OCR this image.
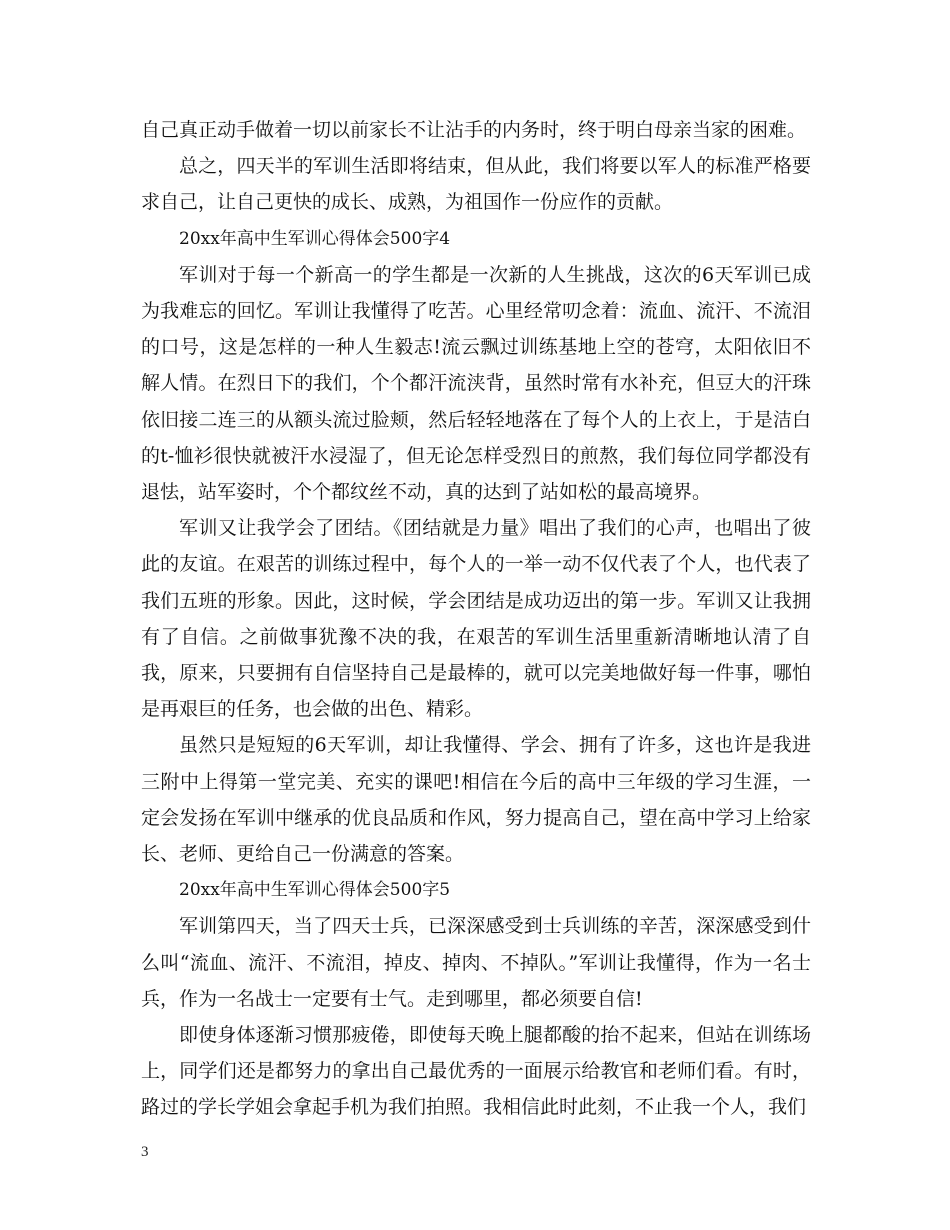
自己真正动手做着一切以前家长不让沾手的内务时，终于明白母亲当家的困难。

总之，四天半的军训生活即将结束，但从此，我们将要以军人的标准严格要求自己，让自己更快的成长、成熟，为祖国作一份应作的贡献。

20xx年高中生军训心得体会500字4

军训对于每一个新高一的学生都是一次新的人生挑战，这次的6天军训已成为我难忘的回忆。军训让我懂得了吃苦。心里经常叨念着：流血、流汗、不流泪的口号，这是怎样的一种人生毅志!流云飘过训练基地上空的苍穹，太阳依旧不解人情。在烈日下的我们，个个都汗流浃背，虽然时常有水补充，但豆大的汗珠依旧接二连三的从额头流过脸颊，然后轻轻地落在了每个人的上衣上，于是洁白的t-恤衫很快就被汗水浸湿了，但无论怎样受烈日的煎熬，我们每位同学都没有退怯，站军姿时，个个都纹丝不动，真的达到了站如松的最高境界。

军训又让我学会了团结。《团结就是力量》唱出了我们的心声，也唱出了彼此的友谊。在艰苦的训练过程中，每个人的一举一动不仅代表了个人，也代表了我们五班的形象。因此，这时候，学会团结是成功迈出的第一步。军训又让我拥有了自信。之前做事犹豫不决的我，在艰苦的军训生活里重新清晰地认清了自我，原来，只要拥有自信坚持自己是最棒的，就可以完美地做好每一件事，哪怕是再艰巨的任务，也会做的出色、精彩。

虽然只是短短的6天军训，却让我懂得、学会、拥有了许多，这也许是我进三附中上得第一堂完美、充实的课吧!相信在今后的高中三年级的学习生涯，一定会发扬在军训中继承的优良品质和作风，努力提高自己，望在高中学习上给家长、老师、更给自己一份满意的答案。

20xx年高中生军训心得体会500字5

军训第四天，当了四天士兵，已深深感受到士兵训练的辛苦，深深感受到什么叫“流血、流汗、不流泪，掉皮、掉肉、不掉队。”军训让我懂得，作为一名士兵，作为一名战士一定要有士气。走到哪里，都必须要自信!

即使身体逐渐习惯那疲倦，即使每天晚上腿都酸的抬不起来，但站在训练场上，同学们还是都努力的拿出自己最优秀的一面展示给教官和老师们看。有时，路过的学长学姐会拿起手机为我们拍照。我相信此时此刻，不止我一个人，我们

3
